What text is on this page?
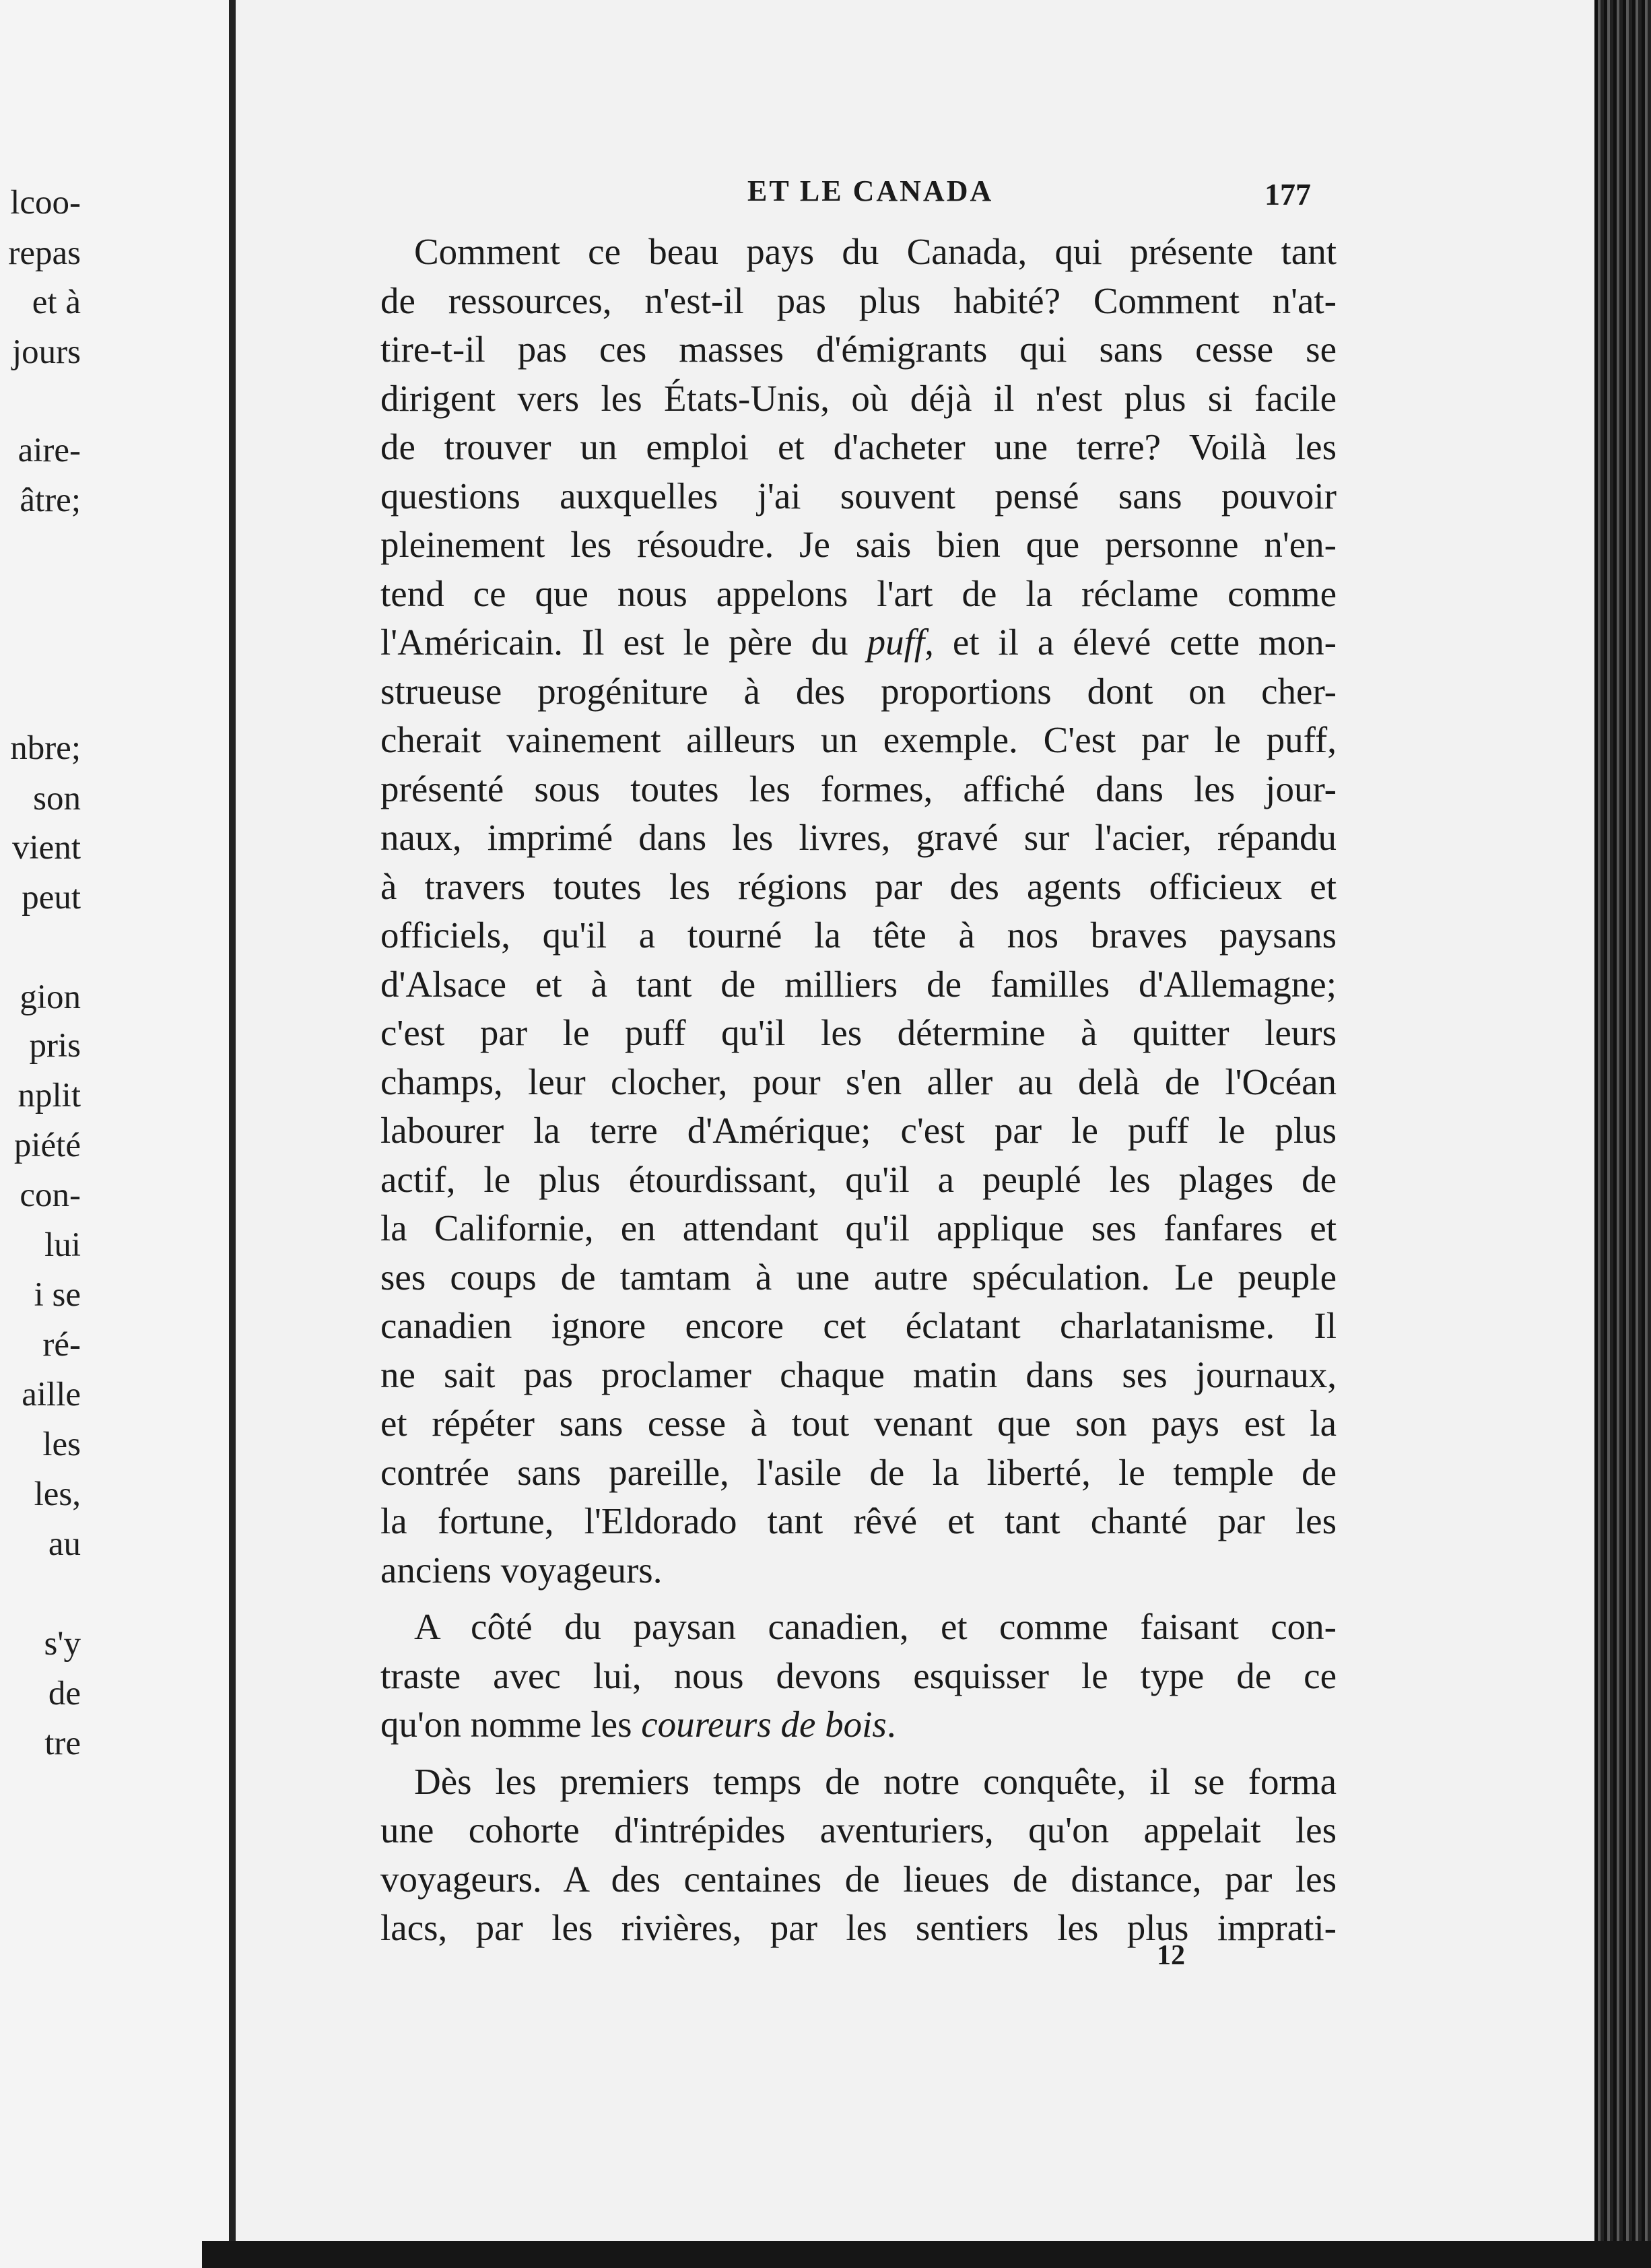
lcoo-
repas
et à
jours
aire-
âtre;
nbre;
son
vient
peut
gion
pris
nplit
piété
con-
lui
i se
ré-
aille
les
les,
au
s'y
de
tre
ET LE CANADA	177
Comment ce beau pays du Canada, qui présente tant
de ressources, n'est-il pas plus habité? Comment n'at-
tire-t-il pas ces masses d'émigrants qui sans cesse se
dirigent vers les États-Unis, où déjà il n'est plus si facile
de trouver un emploi et d'acheter une terre? Voilà les
questions auxquelles j'ai souvent pensé sans pouvoir
pleinement les résoudre. Je sais bien que personne n'en-
tend ce que nous appelons l'art de la réclame comme
l'Américain. Il est le père du puff, et il a élevé cette mon-
strueuse progéniture à des proportions dont on cher-
cherait vainement ailleurs un exemple. C'est par le puff,
présenté sous toutes les formes, affiché dans les jour-
naux, imprimé dans les livres, gravé sur l'acier, répandu
à travers toutes les régions par des agents officieux et
officiels, qu'il a tourné la tête à nos braves paysans
d'Alsace et à tant de milliers de familles d'Allemagne;
c'est par le puff qu'il les détermine à quitter leurs
champs, leur clocher, pour s'en aller au delà de l'Océan
labourer la terre d'Amérique; c'est par le puff le plus
actif, le plus étourdissant, qu'il a peuplé les plages de
la Californie, en attendant qu'il applique ses fanfares et
ses coups de tamtam à une autre spéculation. Le peuple
canadien ignore encore cet éclatant charlatanisme. Il
ne sait pas proclamer chaque matin dans ses journaux,
et répéter sans cesse à tout venant que son pays est la
contrée sans pareille, l'asile de la liberté, le temple de
la fortune, l'Eldorado tant rêvé et tant chanté par les
anciens voyageurs.
A côté du paysan canadien, et comme faisant con-
traste avec lui, nous devons esquisser le type de ce
qu'on nomme les coureurs de bois.
Dès les premiers temps de notre conquête, il se forma
une cohorte d'intrépides aventuriers, qu'on appelait les
voyageurs. A des centaines de lieues de distance, par les
lacs, par les rivières, par les sentiers les plus imprati-
12
